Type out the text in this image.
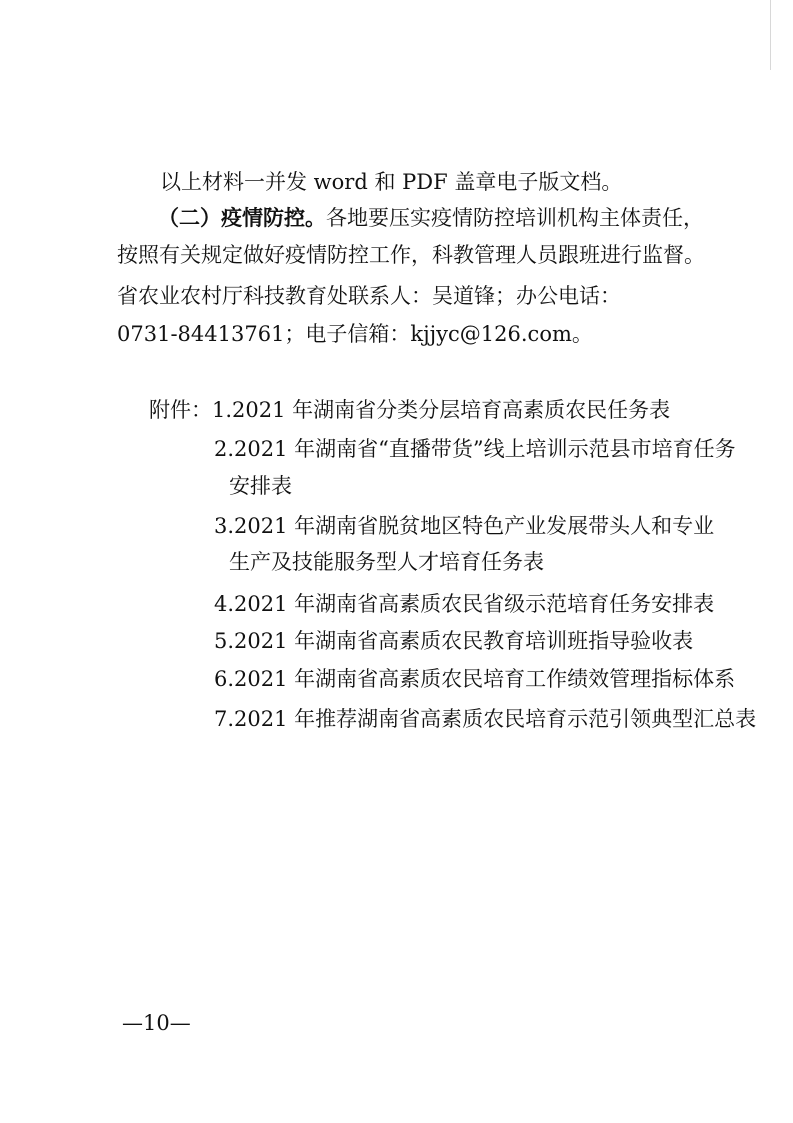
以上材料一并发 word 和 PDF 盖章电子版文档。
（二）疫情防控。各地要压实疫情防控培训机构主体责任，
按照有关规定做好疫情防控工作，科教管理人员跟班进行监督。
省农业农村厅科技教育处联系人：吴道锋；办公电话：
0731-84413761；电子信箱：kjjyc@126.com。
附件：1.2021 年湖南省分类分层培育高素质农民任务表
2.2021 年湖南省“直播带货”线上培训示范县市培育任务
安排表
3.2021 年湖南省脱贫地区特色产业发展带头人和专业
生产及技能服务型人才培育任务表
4.2021 年湖南省高素质农民省级示范培育任务安排表
5.2021 年湖南省高素质农民教育培训班指导验收表
6.2021 年湖南省高素质农民培育工作绩效管理指标体系
7.2021 年推荐湖南省高素质农民培育示范引领典型汇总表
—10—
